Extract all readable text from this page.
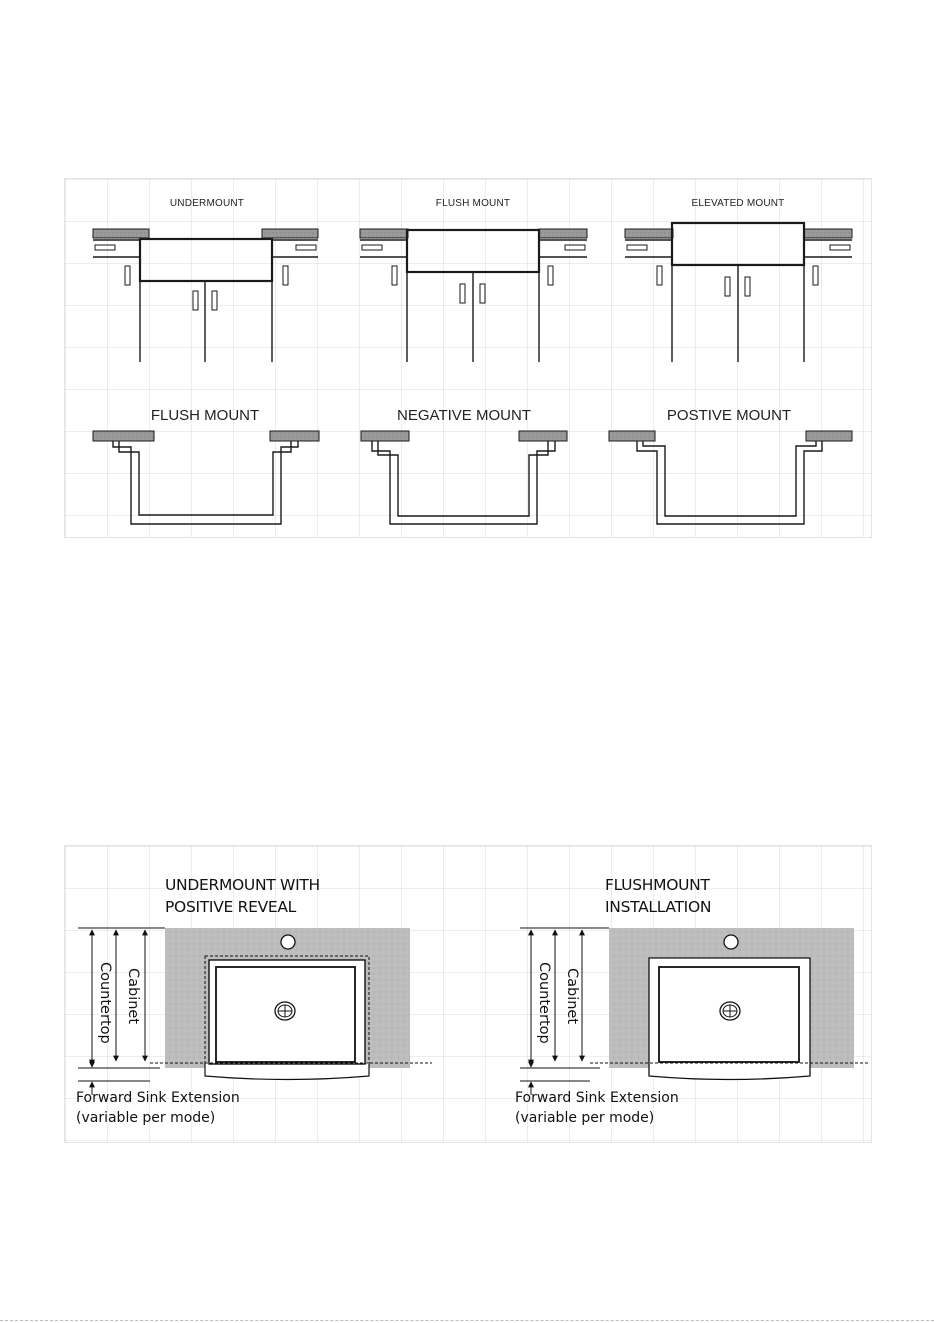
UNDERMOUNT	FLUSH MOUNT	ELEVATED MOUNT
FLUSH MOUNT	NEGATIVE MOUNT	POSTIVE MOUNT
UNDERMOUNT WITH
POSITIVE REVEAL
Countertop Cabinet
Forward Sink Extension
(variable per mode)
FLUSHMOUNT
INSTALLATION
Countertop Cabinet
Forward Sink Extension
(variable per mode)
